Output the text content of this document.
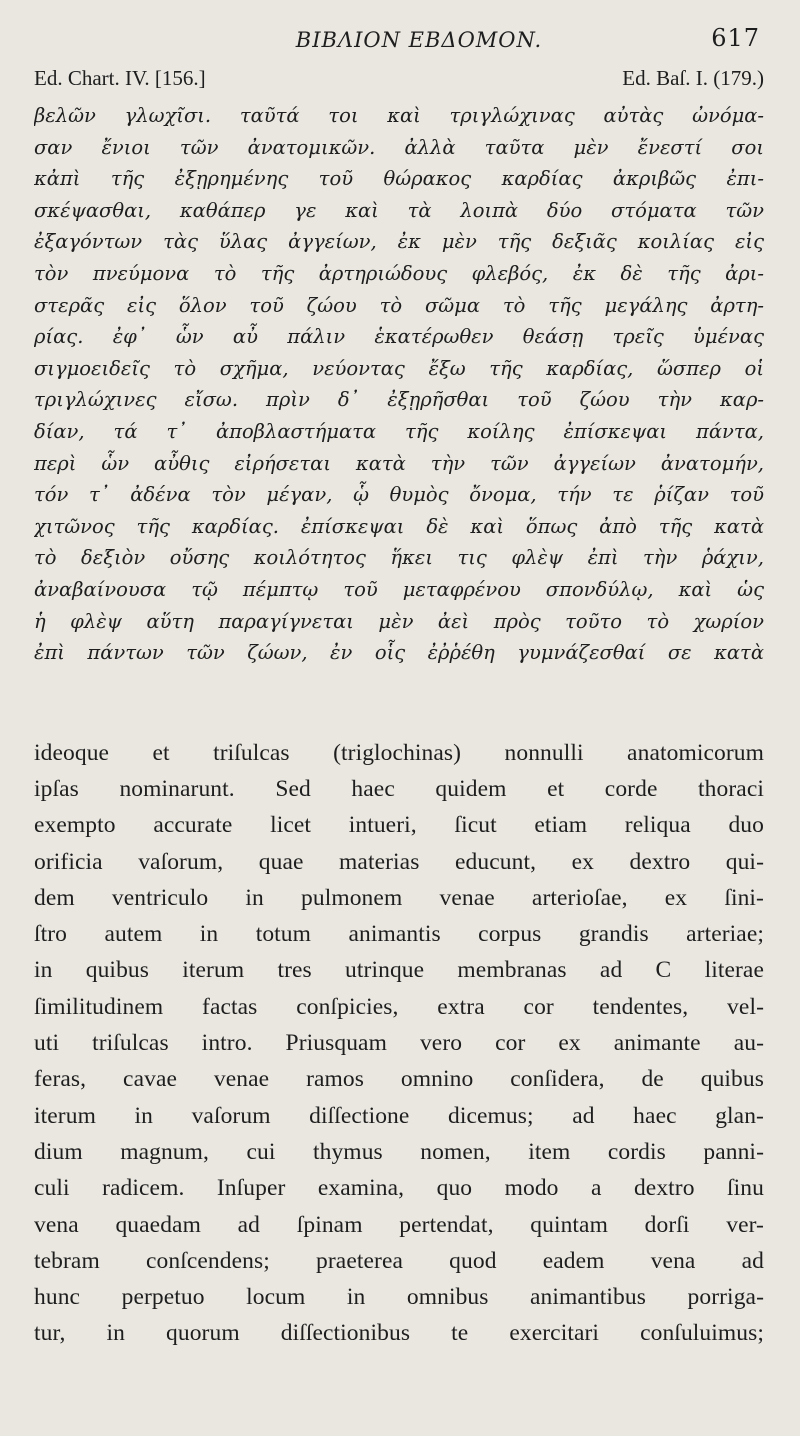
BIBΛION EBΔOMON.	617
Ed. Chart. IV. [156.]	Ed. Baſ. I. (179.)
βελῶν γλωχῖσι. ταῦτά τοι καὶ τριγλώχινας αὐτὰς ὠνόμα-
σαν ἔνιοι τῶν ἀνατομικῶν. ἀλλὰ ταῦτα μὲν ἔνεστί σοι
κἀπὶ τῆς ἐξῃρημένης τοῦ θώρακος καρδίας ἀκριβῶς ἐπι-
σκέψασθαι, καθάπερ γε καὶ τὰ λοιπὰ δύο στόματα τῶν
ἐξαγόντων τὰς ὕλας ἀγγείων, ἐκ μὲν τῆς δεξιᾶς κοιλίας εἰς
τὸν πνεύμονα τὸ τῆς ἀρτηριώδους φλεβός, ἐκ δὲ τῆς ἀρι-
στερᾶς εἰς ὅλον τοῦ ζώου τὸ σῶμα τὸ τῆς μεγάλης ἀρτη-
ρίας. ἐφ᾽ ὧν αὖ πάλιν ἑκατέρωθεν θεάσῃ τρεῖς ὑμένας
σιγμοειδεῖς τὸ σχῆμα, νεύοντας ἔξω τῆς καρδίας, ὥσπερ οἱ
τριγλώχινες εἴσω. πρὶν δ᾽ ἐξῃρῆσθαι τοῦ ζώου τὴν καρ-
δίαν, τά τ᾽ ἀποβλαστήματα τῆς κοίλης ἐπίσκεψαι πάντα,
περὶ ὧν αὖθις εἰρήσεται κατὰ τὴν τῶν ἀγγείων ἀνατομήν,
τόν τ᾽ ἀδένα τὸν μέγαν, ᾧ θυμὸς ὄνομα, τήν τε ῥίζαν τοῦ
χιτῶνος τῆς καρδίας. ἐπίσκεψαι δὲ καὶ ὅπως ἀπὸ τῆς κατὰ
τὸ δεξιὸν οὔσης κοιλότητος ἥκει τις φλὲψ ἐπὶ τὴν ῥάχιν,
ἀναβαίνουσα τῷ πέμπτῳ τοῦ μεταφρένου σπονδύλῳ, καὶ ὡς
ἡ φλὲψ αὕτη παραγίγνεται μὲν ἀεὶ πρὸς τοῦτο τὸ χωρίον
ἐπὶ πάντων τῶν ζώων, ἐν οἷς ἐῤῥέθη γυμνάζεσθαί σε κατὰ
ideoque et triſulcas (triglochinas) nonnulli anatomicorum
ipſas nominarunt. Sed haec quidem et corde thoraci
exempto accurate licet intueri, ſicut etiam reliqua duo
orificia vaſorum, quae materias educunt, ex dextro qui-
dem ventriculo in pulmonem venae arterioſae, ex ſini-
ſtro autem in totum animantis corpus grandis arteriae;
in quibus iterum tres utrinque membranas ad C literae
ſimilitudinem factas conſpicies, extra cor tendentes, vel-
uti triſulcas intro. Priusquam vero cor ex animante au-
feras, cavae venae ramos omnino conſidera, de quibus
iterum in vaſorum diſſectione dicemus; ad haec glan-
dium magnum, cui thymus nomen, item cordis panni-
culi radicem. Inſuper examina, quo modo a dextro ſinu
vena quaedam ad ſpinam pertendat, quintam dorſi ver-
tebram conſcendens; praeterea quod eadem vena ad
hunc perpetuo locum in omnibus animantibus porriga-
tur, in quorum diſſectionibus te exercitari conſuluimus;
